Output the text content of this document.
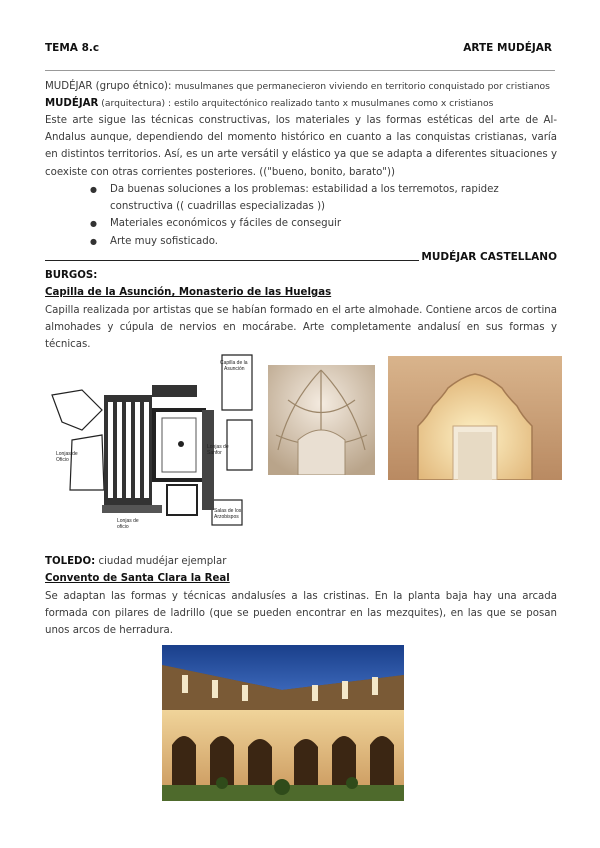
TEMA 8.c	ARTE MUDÉJAR
MUDÉJAR (grupo étnico): musulmanes que permanecieron viviendo en territorio conquistado por cristianos
MUDÉJAR (arquitectura) : estilo arquitectónico realizado tanto x musulmanes como x cristianos
Este arte sigue las técnicas constructivas, los materiales y las formas estéticas del arte de Al-Andalus aunque, dependiendo del momento histórico en cuanto a las conquistas cristianas, varía en distintos territorios. Así, es un arte versátil y elástico ya que se adapta a diferentes situaciones y coexiste con otras corrientes posteriores. (("bueno, bonito, barato"))
● Da buenas soluciones a los problemas: estabilidad a los terremotos, rapidez constructiva (( cuadrillas especializadas ))
● Materiales económicos y fáciles de conseguir
● Arte muy sofisticado.
MUDÉJAR CASTELLANO
BURGOS:
Capilla de la Asunción, Monasterio de las Huelgas
Capilla realizada por artistas que se habían formado en el arte almohade. Contiene arcos de cortina almohades y cúpula de nervios en mocárabe. Arte completamente andalusí en sus formas y técnicas.
Capilla de la
Asunción
Lonjas de
Oficio
Lonjas de
Sanfor
Lonjas de
oficio
Salas de los
Arzobispos
TOLEDO: ciudad mudéjar ejemplar
Convento de Santa Clara la Real
Se adaptan las formas y técnicas andalusíes a las cristinas. En la planta baja hay una arcada formada con pilares de ladrillo (que se pueden encontrar en las mezquites), en las que se posan unos arcos de herradura.
